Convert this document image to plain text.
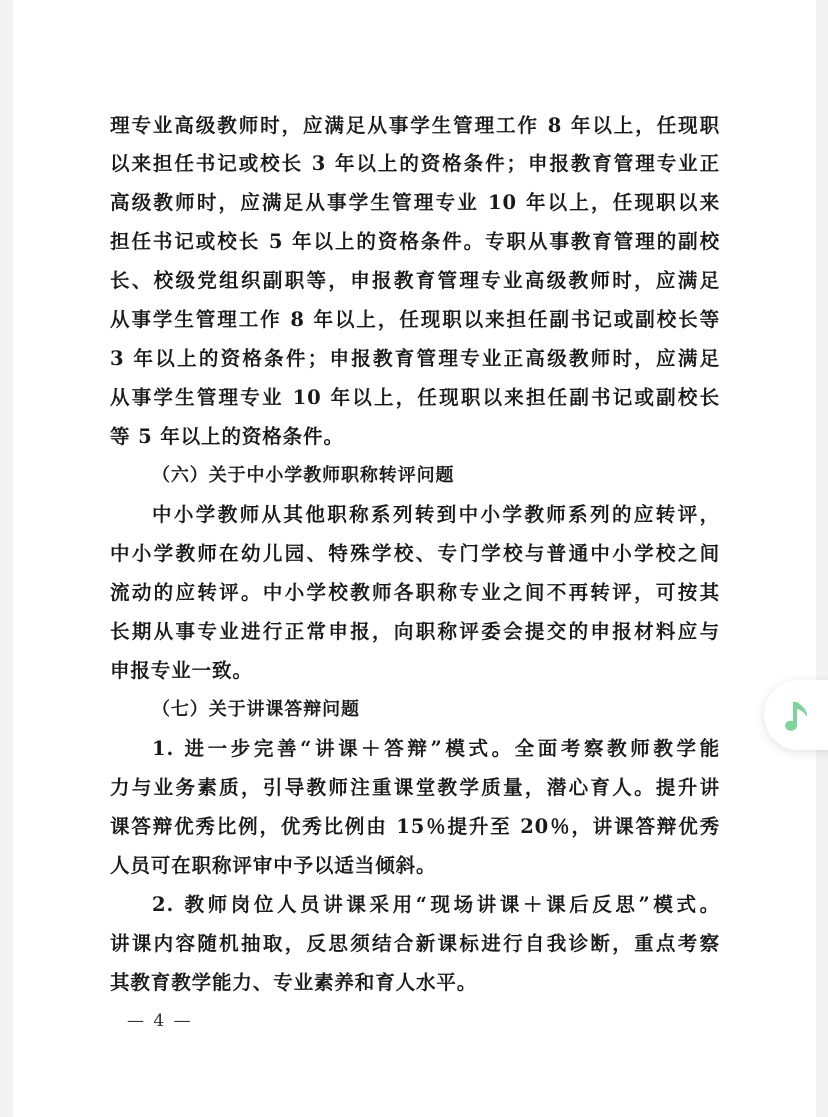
理专业高级教师时，应满足从事学生管理工作 8 年以上，任现职
以来担任书记或校长 3 年以上的资格条件；申报教育管理专业正
高级教师时，应满足从事学生管理专业 10 年以上，任现职以来
担任书记或校长 5 年以上的资格条件。专职从事教育管理的副校
长、校级党组织副职等，申报教育管理专业高级教师时，应满足
从事学生管理工作 8 年以上，任现职以来担任副书记或副校长等
3 年以上的资格条件；申报教育管理专业正高级教师时，应满足
从事学生管理专业 10 年以上，任现职以来担任副书记或副校长
等 5 年以上的资格条件。
（六）关于中小学教师职称转评问题
中小学教师从其他职称系列转到中小学教师系列的应转评，
中小学教师在幼儿园、特殊学校、专门学校与普通中小学校之间
流动的应转评。中小学校教师各职称专业之间不再转评，可按其
长期从事专业进行正常申报，向职称评委会提交的申报材料应与
申报专业一致。
（七）关于讲课答辩问题
1. 进一步完善“讲课＋答辩”模式。全面考察教师教学能
力与业务素质，引导教师注重课堂教学质量，潜心育人。提升讲
课答辩优秀比例，优秀比例由 15％提升至 20％，讲课答辩优秀
人员可在职称评审中予以适当倾斜。
2. 教师岗位人员讲课采用“现场讲课＋课后反思”模式。
讲课内容随机抽取，反思须结合新课标进行自我诊断，重点考察
其教育教学能力、专业素养和育人水平。
— 4 —
